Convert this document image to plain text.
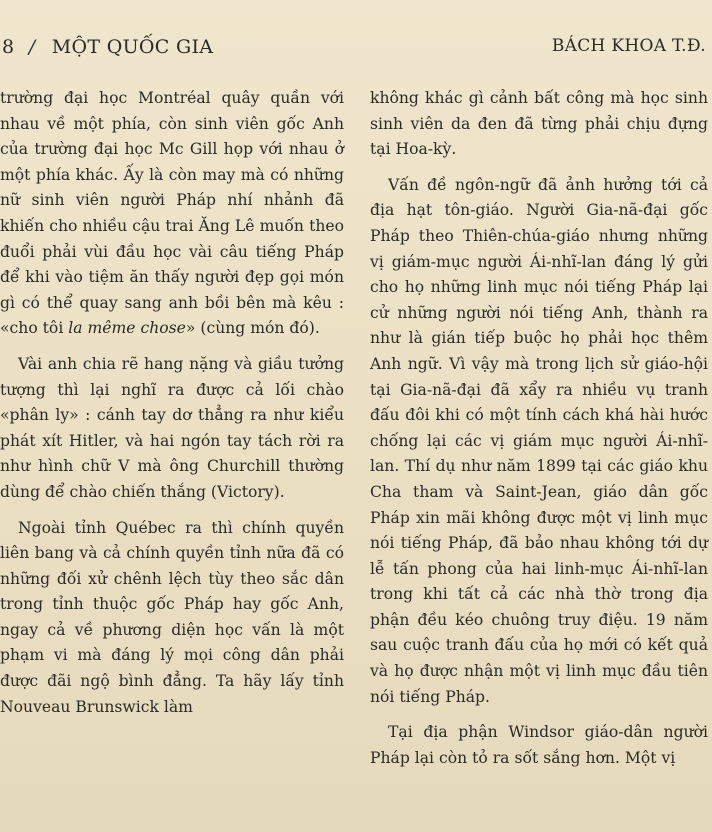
8 / MỘT QUỐC GIA	BÁCH KHOA T.Đ.

trường đại học Montréal quây quần với nhau về một phía, còn sinh viên gốc Anh của trường đại học Mc Gill họp với nhau ở một phía khác. Ấy là còn may mà có những nữ sinh viên người Pháp nhí nhảnh đã khiến cho nhiều cậu trai Ăng Lê muốn theo đuổi phải vùi đầu học vài câu tiếng Pháp để khi vào tiệm ăn thấy người đẹp gọi món gì có thể quay sang anh bồi bên mà kêu : «cho tôi la même chose» (cùng món đó).

Vài anh chia rẽ hang nặng và giầu tưởng tượng thì lại nghĩ ra được cả lối chào «phân ly» : cánh tay dơ thẳng ra như kiểu phát xít Hitler, và hai ngón tay tách rời ra như hình chữ V mà ông Churchill thường dùng để chào chiến thắng (Victory).

Ngoài tỉnh Québec ra thì chính quyền liên bang và cả chính quyền tỉnh nữa đã có những đối xử chênh lệch tùy theo sắc dân trong tỉnh thuộc gốc Pháp hay gốc Anh, ngay cả về phương diện học vấn là một phạm vi mà đáng lý mọi công dân phải được đãi ngộ bình đẳng. Ta hãy lấy tỉnh Nouveau Brunswick làm

không khác gì cảnh bất công mà học sinh sinh viên da đen đã từng phải chịu đựng tại Hoa-kỳ.

Vấn đề ngôn-ngữ đã ảnh hưởng tới cả địa hạt tôn-giáo. Người Gia-nã-đại gốc Pháp theo Thiên-chúa-giáo nhưng những vị giám-mục người Ái-nhĩ-lan đáng lý gửi cho họ những linh mục nói tiếng Pháp lại cử những người nói tiếng Anh, thành ra như là gián tiếp buộc họ phải học thêm Anh ngữ. Vì vậy mà trong lịch sử giáo-hội tại Gia-nã-đại đã xẩy ra nhiều vụ tranh đấu đôi khi có một tính cách khá hài hước chống lại các vị giám mục người Ái-nhĩ-lan. Thí dụ như năm 1899 tại các giáo khu Cha tham và Saint-Jean, giáo dân gốc Pháp xin mãi không được một vị linh mục nói tiếng Pháp, đã bảo nhau không tới dự lễ tấn phong của hai linh-mục Ái-nhĩ-lan trong khi tất cả các nhà thờ trong địa phận đều kéo chuông truy điệu. 19 năm sau cuộc tranh đấu của họ mới có kết quả và họ được nhận một vị linh mục đầu tiên nói tiếng Pháp.

Tại địa phận Windsor giáo-dân người Pháp lại còn tỏ ra sốt sắng hơn. Một vị
